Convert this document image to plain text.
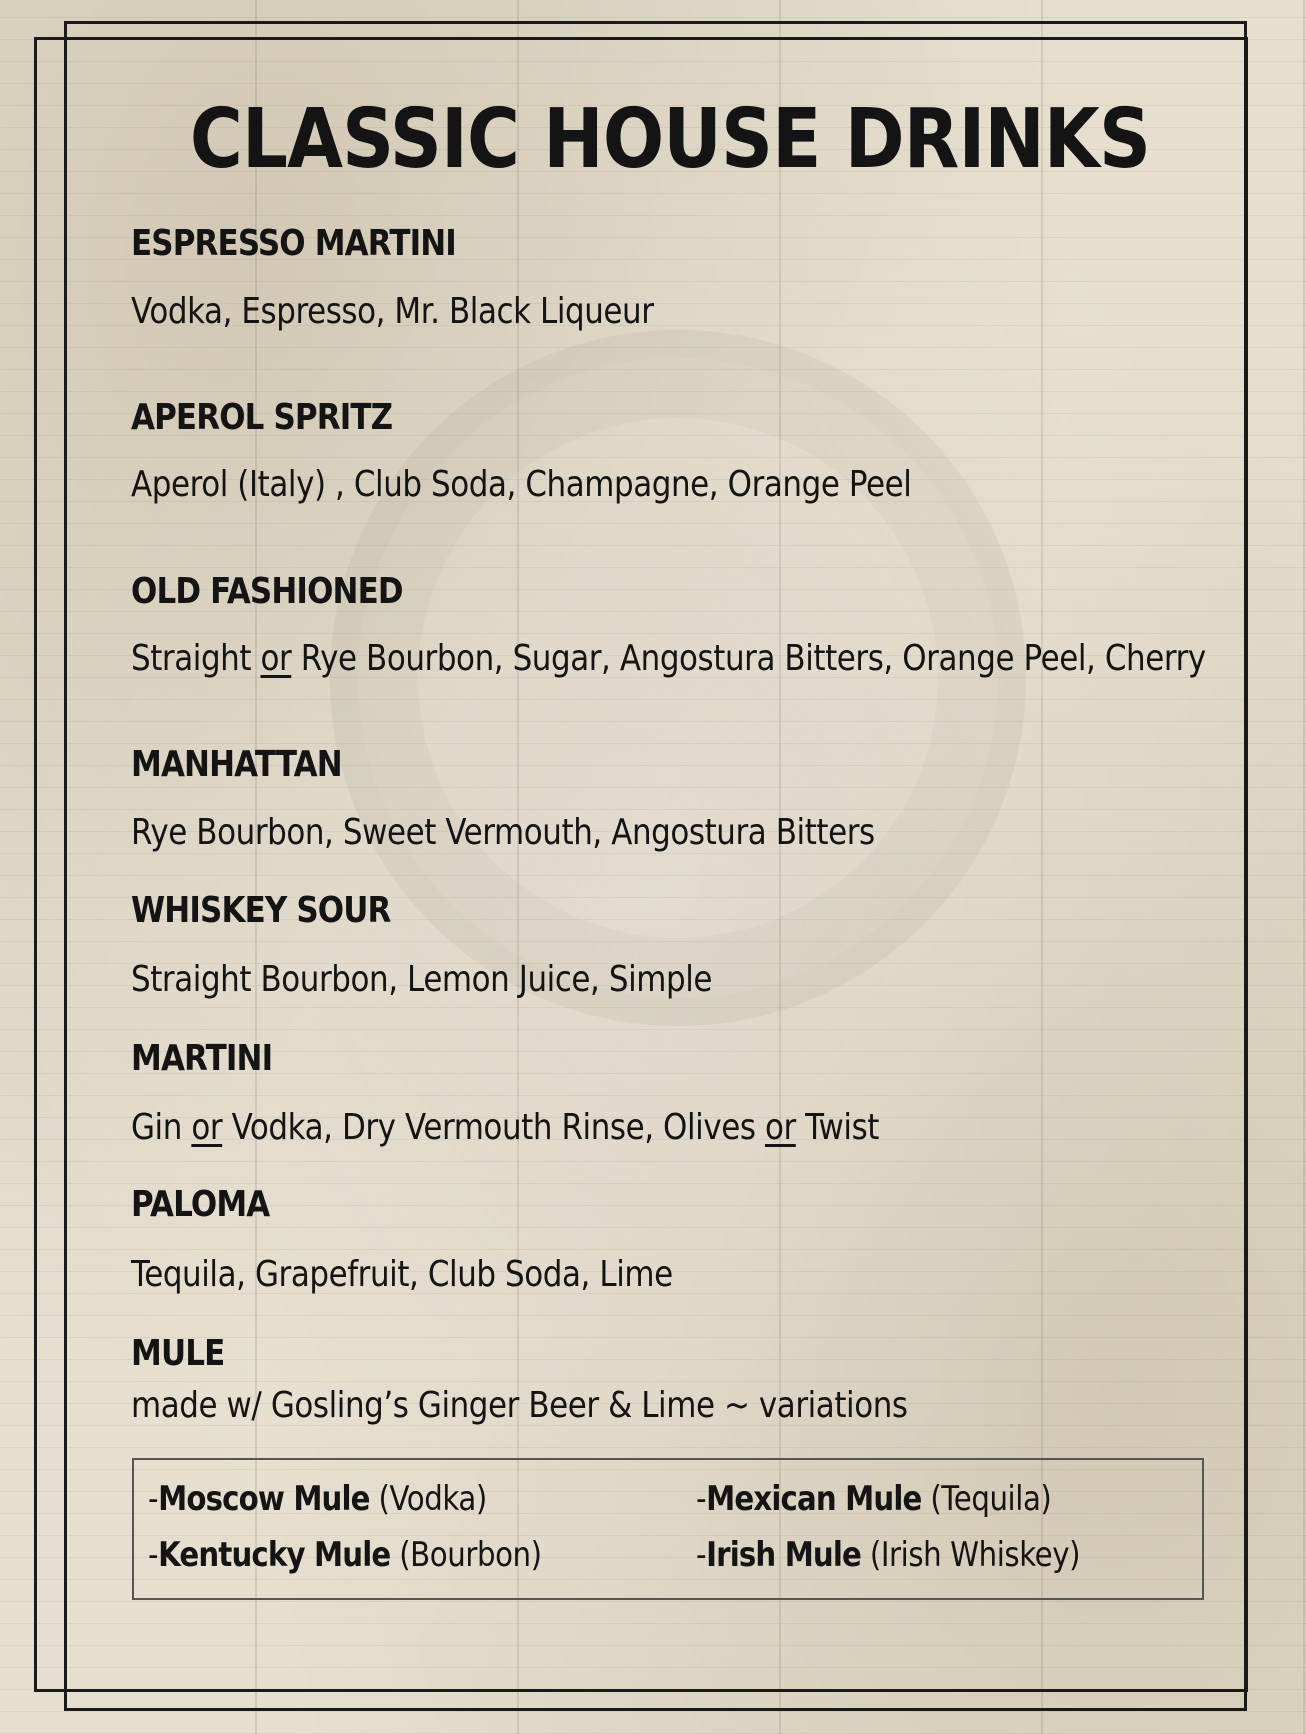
CLASSIC HOUSE DRINKS
ESPRESSO MARTINI

Vodka, Espresso, Mr. Black Liqueur

APEROL SPRITZ

Aperol (Italy) , Club Soda, Champagne, Orange Peel

OLD FASHIONED

Straight or Rye Bourbon, Sugar, Angostura Bitters, Orange Peel, Cherry

MANHATTAN

Rye Bourbon, Sweet Vermouth, Angostura Bitters

WHISKEY SOUR

Straight Bourbon, Lemon Juice, Simple

MARTINI

Gin or Vodka, Dry Vermouth Rinse, Olives or Twist

PALOMA

Tequila, Grapefruit, Club Soda, Lime

MULE

made w/ Gosling’s Ginger Beer & Lime ~ variations

-Moscow Mule (Vodka)	-Mexican Mule (Tequila)

-Kentucky Mule (Bourbon)	-Irish Mule (Irish Whiskey)
